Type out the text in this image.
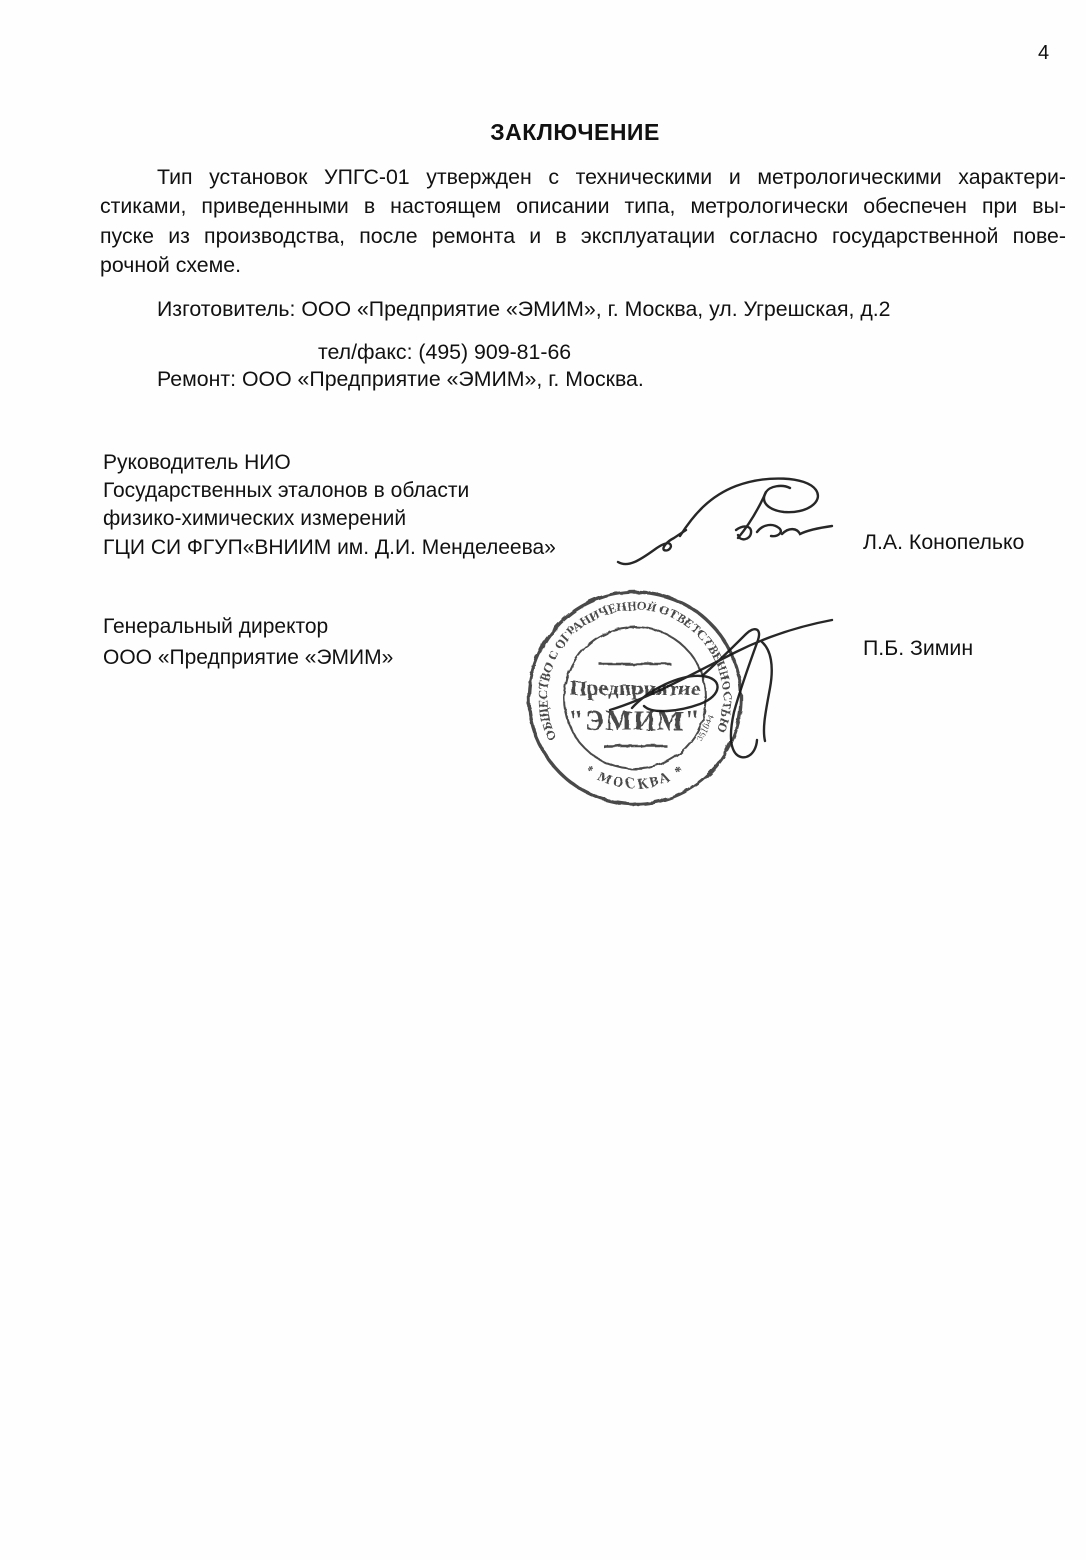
4
ЗАКЛЮЧЕНИЕ
Тип установок УПГС-01 утвержден с техническими и метрологическими характери-
стиками, приведенными в настоящем описании типа, метрологически обеспечен при вы-
пуске из производства, после ремонта и в эксплуатации согласно государственной пове-
рочной схеме.
Изготовитель: ООО «Предприятие «ЭМИМ», г. Москва, ул. Угрешская, д.2
тел/факс: (495) 909-81-66
Ремонт: ООО «Предприятие «ЭМИМ», г. Москва.
Руководитель НИО
Государственных эталонов в области
физико-химических измерений
ГЦИ СИ ФГУП«ВНИИМ им. Д.И. Менделеева»	Л.А. Конопелько
Генеральный директор
ООО «Предприятие «ЭМИМ»
ОБЩЕСТВО С ОГРАНИЧЕННОЙ ОТВЕТСТВЕННОСТЬЮ
* МОСКВА *
351044
Предприятие
"ЭМИМ"
П.Б. Зимин
